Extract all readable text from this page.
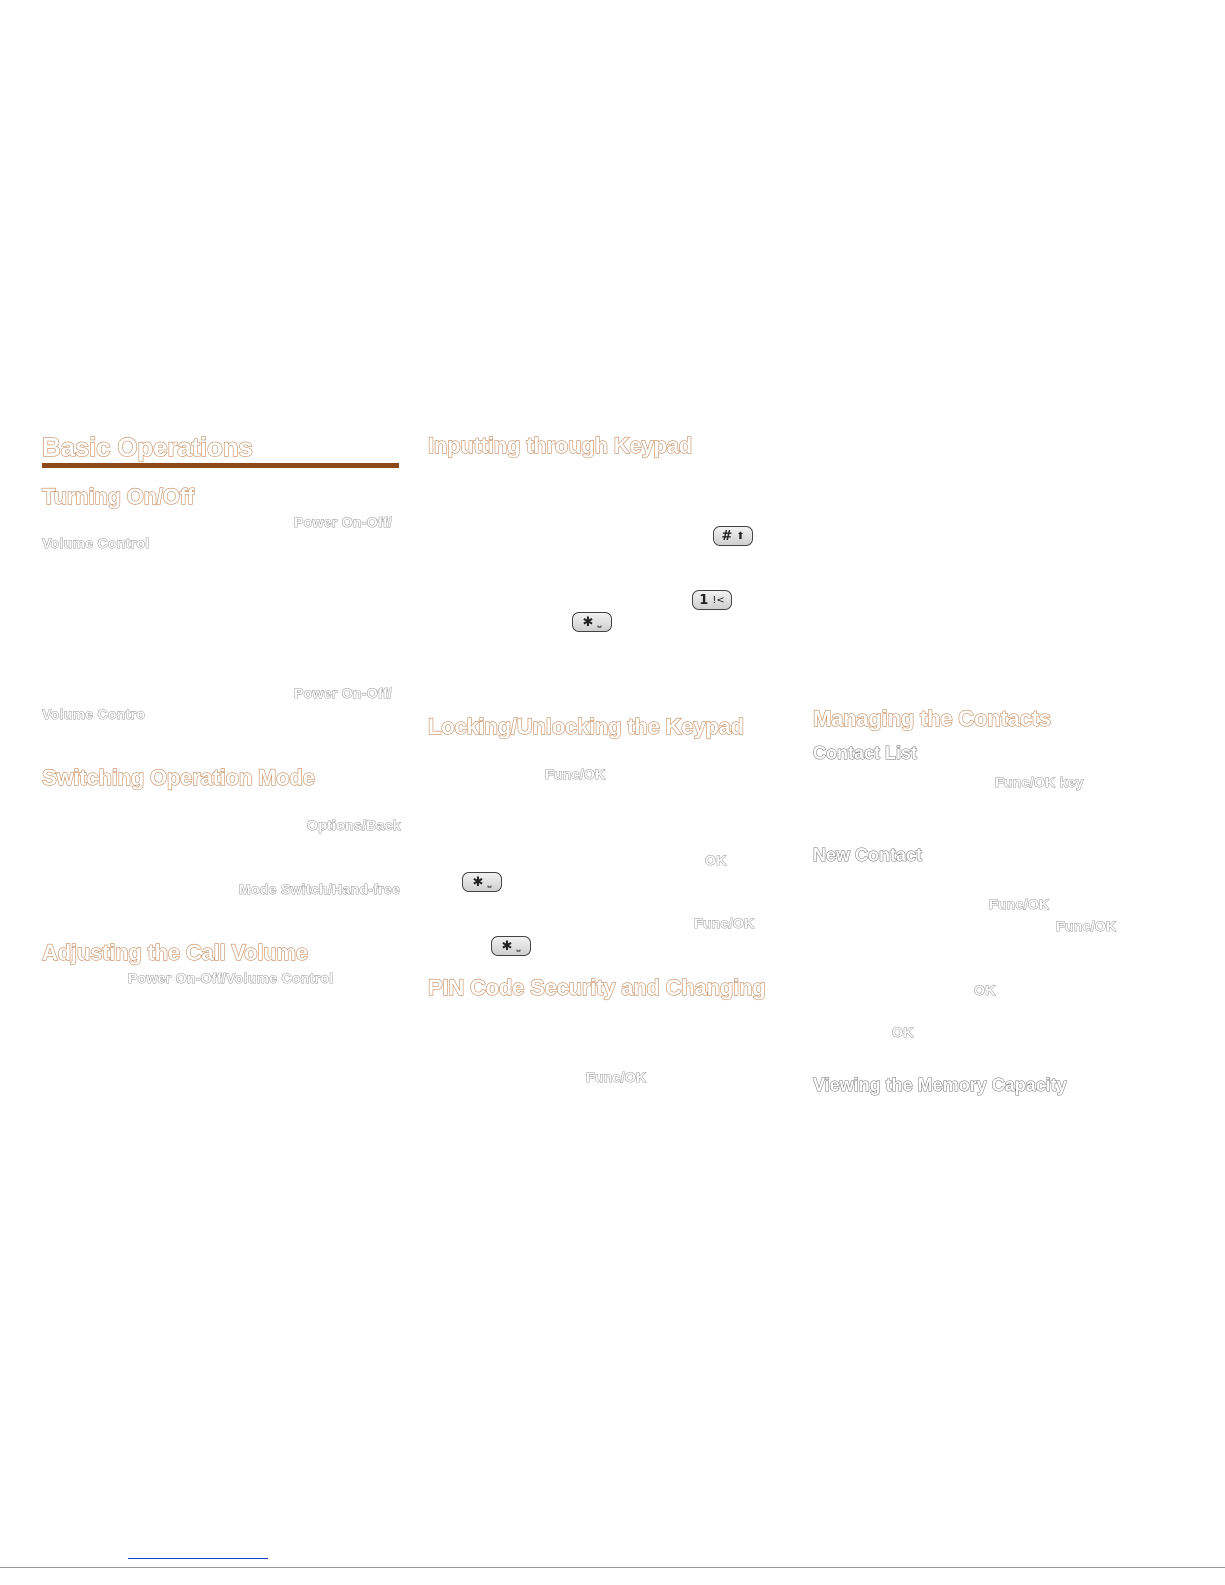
Basic Operations
Turning On/Off
Power On-Off/
Volume Control
Power On-Off/
Volume Contro
Switching Operation Mode
Options/Back
Mode Switch/Hand-free
Adjusting the Call Volume
Power On-Off/Volume Control
Inputting through Keypad
# ⬆
1 !<
✱ ⎵
Locking/Unlocking the Keypad
Func/OK
OK
✱ ⎵
Func/OK
✱ ⎵
PIN Code Security and Changing
Func/OK
Managing the Contacts
Contact List
Func/OK key
New Contact
Func/OK
Func/OK
OK
OK
Viewing the Memory Capacity
